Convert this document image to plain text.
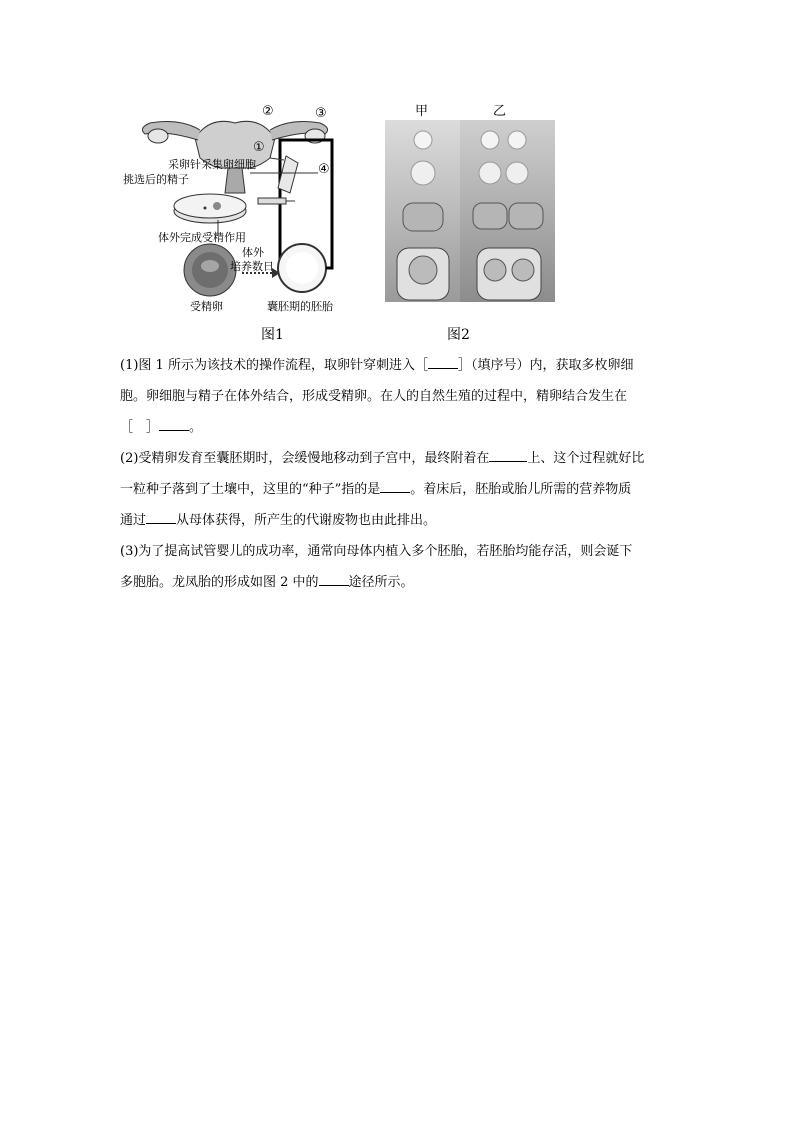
②	③
①
④
采卵针采集卵细胞
挑选后的精子
体外完成受精作用
体外
培养数日
受精卵	囊胚期的胚胎
甲	乙
图1	图2

(1)图 1 所示为该技术的操作流程，取卵针穿刺进入［ ］（填序号）内，获取多枚卵细
胞。卵细胞与精子在体外结合，形成受精卵。在人的自然生殖的过程中，精卵结合发生在
［　］ 。

(2)受精卵发育至囊胚期时，会缓慢地移动到子宫中，最终附着在	上、这个过程就好比
一粒种子落到了土壤中，这里的“种子”指的是 。着床后，胚胎或胎儿所需的营养物质
通过 从母体获得，所产生的代谢废物也由此排出。

(3)为了提高试管婴儿的成功率，通常向母体内植入多个胚胎，若胚胎均能存活，则会诞下
多胞胎。龙凤胎的形成如图 2 中的 途径所示。
